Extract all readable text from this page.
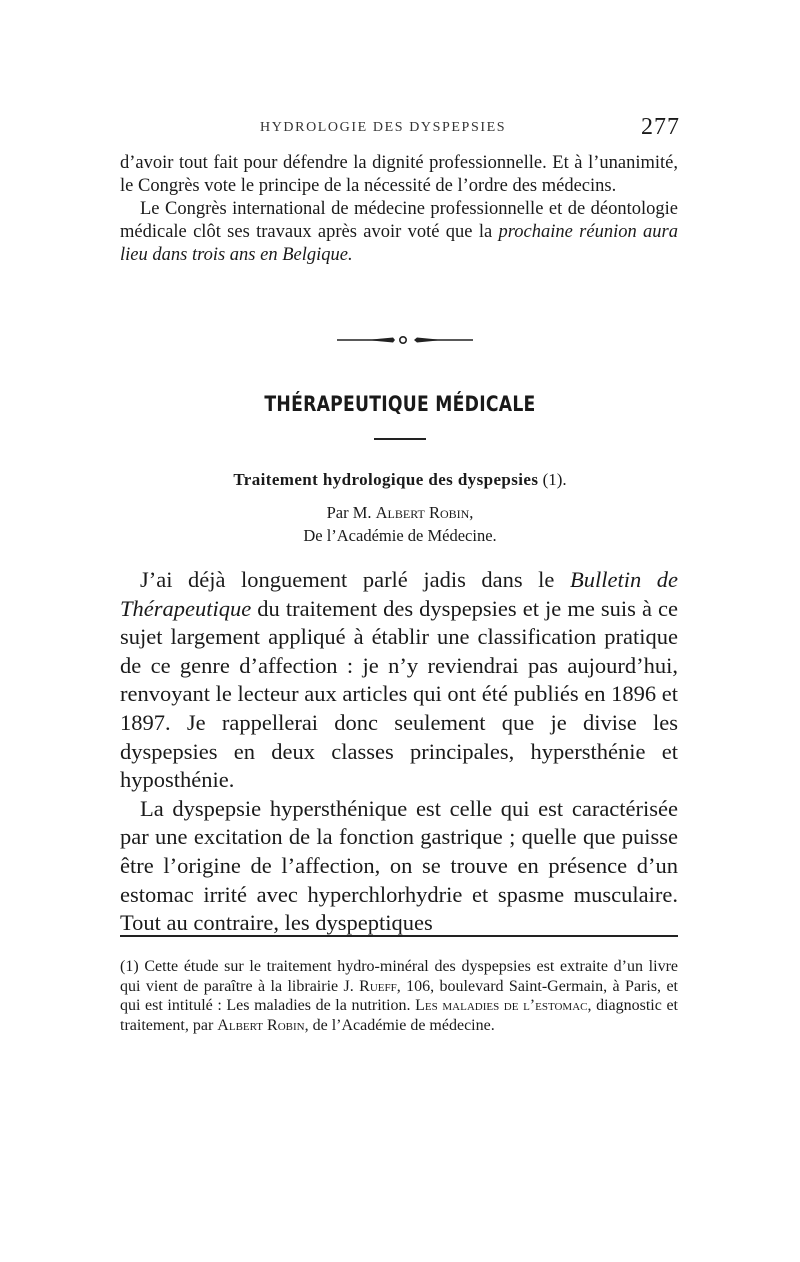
HYDROLOGIE DES DYSPEPSIES	277

d’avoir tout fait pour défendre la dignité professionnelle. Et à l’unanimité, le Congrès vote le principe de la nécessité de l’ordre des médecins.

Le Congrès international de médecine professionnelle et de déontologie médicale clôt ses travaux après avoir voté que la prochaine réunion aura lieu dans trois ans en Belgique.

THÉRAPEUTIQUE MÉDICALE
Traitement hydrologique des dyspepsies (1).
Par M. Albert Robin,
De l’Académie de Médecine.

J’ai déjà longuement parlé jadis dans le Bulletin de Thérapeutique du traitement des dyspepsies et je me suis à ce sujet largement appliqué à établir une classification pratique de ce genre d’affection : je n’y reviendrai pas aujourd’hui, renvoyant le lecteur aux articles qui ont été publiés en 1896 et 1897. Je rappellerai donc seulement que je divise les dyspepsies en deux classes principales, hypersthénie et hyposthénie.

La dyspepsie hypersthénique est celle qui est caractérisée par une excitation de la fonction gastrique ; quelle que puisse être l’origine de l’affection, on se trouve en présence d’un estomac irrité avec hyperchlorhydrie et spasme musculaire. Tout au contraire, les dyspeptiques

(1) Cette étude sur le traitement hydro-minéral des dyspepsies est extraite d’un livre qui vient de paraître à la librairie J. Rueff, 106, boulevard Saint-Germain, à Paris, et qui est intitulé : Les maladies de la nutrition. Les maladies de l’estomac, diagnostic et traitement, par Albert Robin, de l’Académie de médecine.
